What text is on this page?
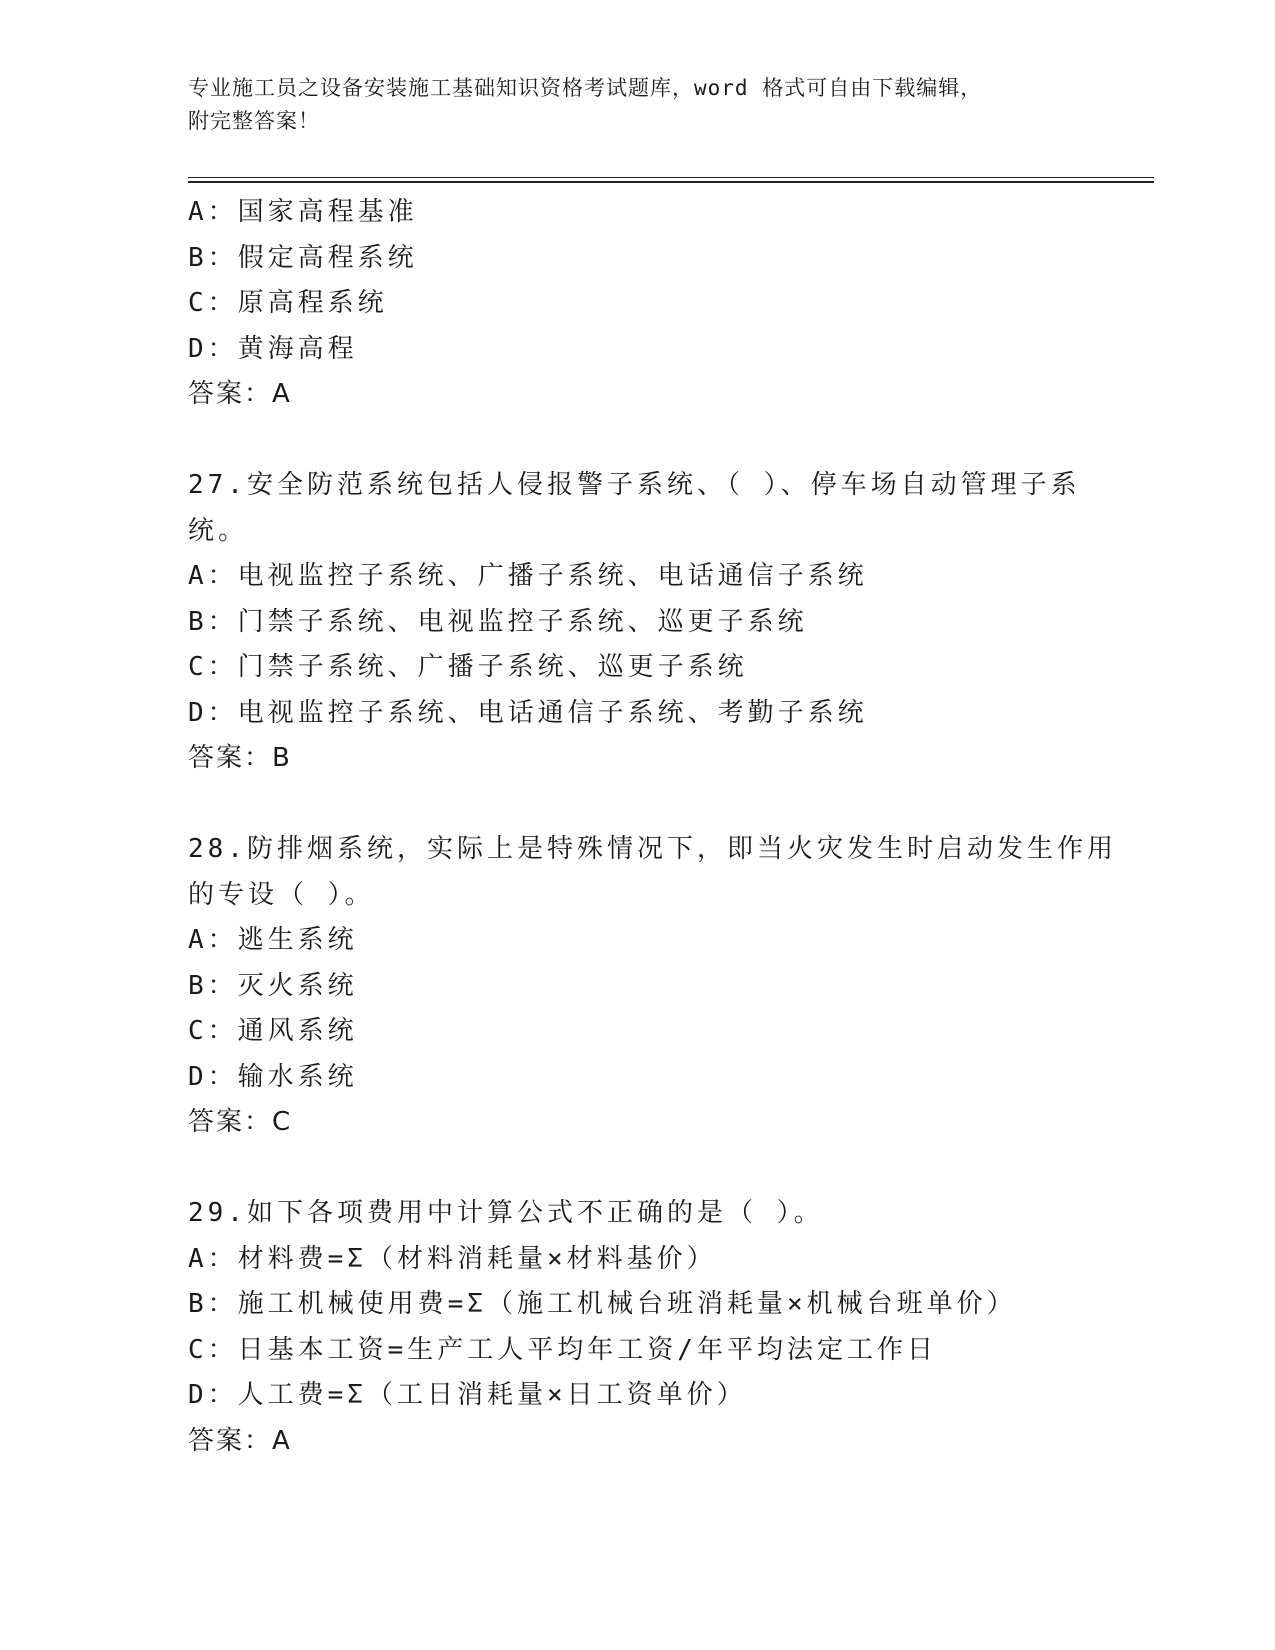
专业施工员之设备安装施工基础知识资格考试题库，word 格式可自由下载编辑，
附完整答案！
A：国家高程基准
B：假定高程系统
C：原高程系统
D：黄海高程
答案：A
27.安全防范系统包括人侵报警子系统、（ ）、停车场自动管理子系
统。
A：电视监控子系统、广播子系统、电话通信子系统
B：门禁子系统、电视监控子系统、巡更子系统
C：门禁子系统、广播子系统、巡更子系统
D：电视监控子系统、电话通信子系统、考勤子系统
答案：B
28.防排烟系统，实际上是特殊情况下，即当火灾发生时启动发生作用
的专设（ ）。
A：逃生系统
B：灭火系统
C：通风系统
D：输水系统
答案：C
29.如下各项费用中计算公式不正确的是（ ）。
A：材料费=Σ（材料消耗量×材料基价）
B：施工机械使用费=Σ（施工机械台班消耗量×机械台班单价）
C：日基本工资=生产工人平均年工资/年平均法定工作日
D：人工费=Σ（工日消耗量×日工资单价）
答案：A
